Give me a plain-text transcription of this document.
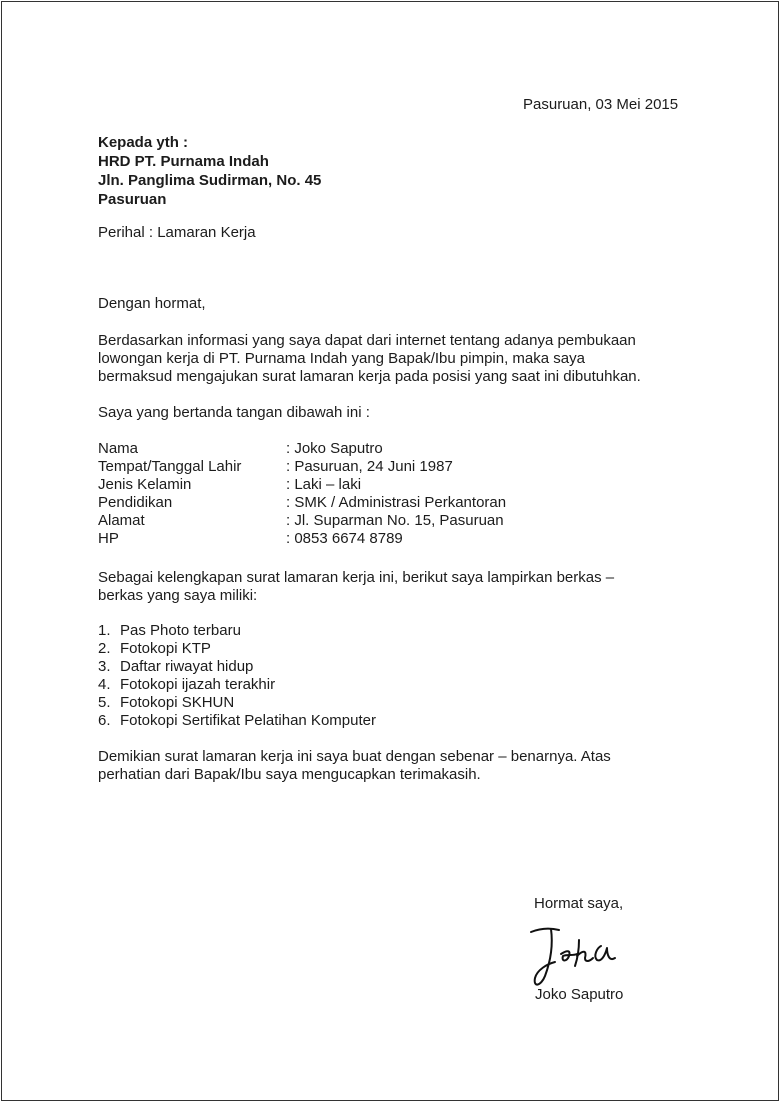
Pasuruan, 03 Mei 2015
Kepada yth :
HRD PT. Purnama Indah
Jln. Panglima Sudirman, No. 45
Pasuruan
Perihal : Lamaran Kerja
Dengan hormat,
Berdasarkan informasi yang saya dapat dari internet tentang adanya pembukaan
lowongan kerja di PT. Purnama Indah yang Bapak/Ibu pimpin, maka saya
bermaksud mengajukan surat lamaran kerja pada posisi yang saat ini dibutuhkan.
Saya yang bertanda tangan dibawah ini :
Nama	: Joko Saputro
Tempat/Tanggal Lahir	: Pasuruan, 24 Juni 1987
Jenis Kelamin	: Laki – laki
Pendidikan	: SMK / Administrasi Perkantoran
Alamat	: Jl. Suparman No. 15, Pasuruan
HP	: 0853 6674 8789
Sebagai kelengkapan surat lamaran kerja ini, berikut saya lampirkan berkas –
berkas yang saya miliki:
1. Pas Photo terbaru
2. Fotokopi KTP
3. Daftar riwayat hidup
4. Fotokopi ijazah terakhir
5. Fotokopi SKHUN
6. Fotokopi Sertifikat Pelatihan Komputer
Demikian surat lamaran kerja ini saya buat dengan sebenar – benarnya. Atas
perhatian dari Bapak/Ibu saya mengucapkan terimakasih.
Hormat saya,
Joko Saputro
